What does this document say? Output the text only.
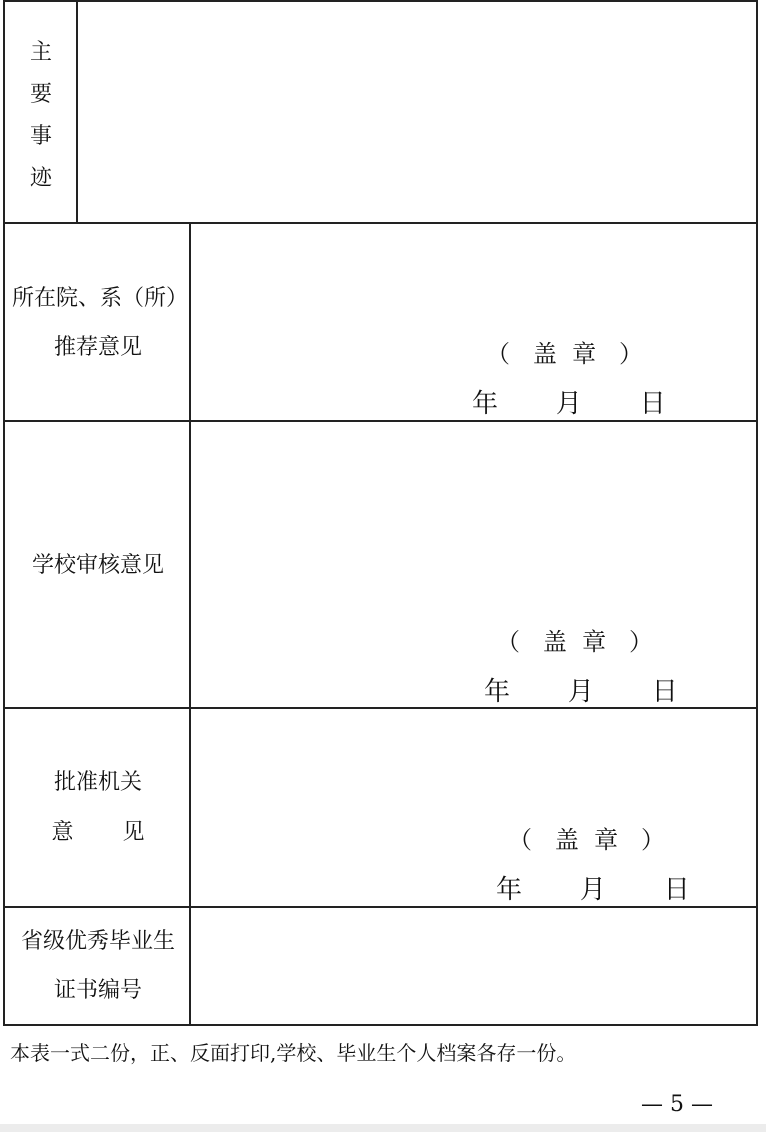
主
要
事
迹
所在院、系（所）
推荐意见	（   盖  章   ）
年       月       日
学校审核意见
（   盖  章   ）
年       月       日
批准机关
意       见	（   盖  章   ）
年       月       日
省级优秀毕业生
证书编号
本表一式二份，正、反面打印,学校、毕业生个人档案各存一份。
— 5 —
